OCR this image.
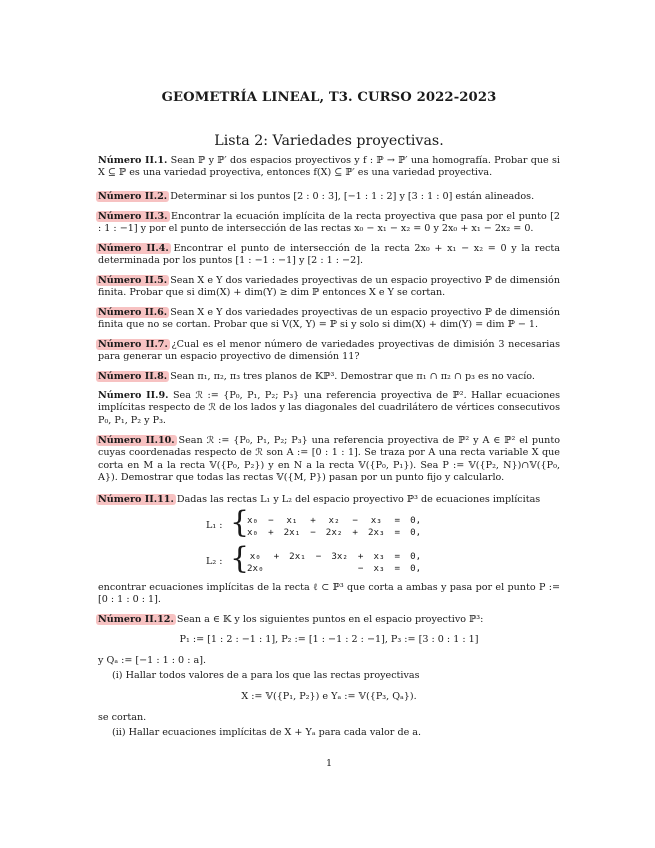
GEOMETRÍA LINEAL, T3. CURSO 2022-2023
Lista 2: Variedades proyectivas.
Número II.1. Sean ℙ y ℙ′ dos espacios proyectivos y f : ℙ → ℙ′ una homografía. Probar que si X ⊆ ℙ es una variedad proyectiva, entonces f(X) ⊆ ℙ′ es una variedad proyectiva.
Número II.2. Determinar si los puntos [2 : 0 : 3], [−1 : 1 : 2] y [3 : 1 : 0] están alineados.
Número II.3. Encontrar la ecuación implícita de la recta proyectiva que pasa por el punto [2 : 1 : −1] y por el punto de intersección de las rectas x₀ − x₁ − x₂ = 0 y 2x₀ + x₁ − 2x₂ = 0.
Número II.4. Encontrar el punto de intersección de la recta 2x₀ + x₁ − x₂ = 0 y la recta determinada por los puntos [1 : −1 : −1] y [2 : 1 : −2].
Número II.5. Sean X e Y dos variedades proyectivas de un espacio proyectivo ℙ de dimensión finita. Probar que si dim(X) + dim(Y) ≥ dim ℙ entonces X e Y se cortan.
Número II.6. Sean X e Y dos variedades proyectivas de un espacio proyectivo ℙ de dimensión finita que no se cortan. Probar que si V(X, Y) = ℙ si y solo si dim(X) + dim(Y) = dim ℙ − 1.
Número II.7. ¿Cual es el menor número de variedades proyectivas de dimisión 3 necesarias para generar un espacio proyectivo de dimensión 11?
Número II.8. Sean π₁, π₂, π₃ tres planos de 𝕂ℙ³. Demostrar que π₁ ∩ π₂ ∩ p₃ es no vacío.
Número II.9. Sea ℛ := {P₀, P₁, P₂; P₃} una referencia proyectiva de ℙ². Hallar ecuaciones implícitas respecto de ℛ de los lados y las diagonales del cuadrilátero de vértices consecutivos P₀, P₁, P₂ y P₃.
Número II.10. Sean ℛ := {P₀, P₁, P₂; P₃} una referencia proyectiva de ℙ² y A ∈ ℙ² el punto cuyas coordenadas respecto de ℛ son A := [0 : 1 : 1]. Se traza por A una recta variable X que corta en M a la recta 𝕍({P₀, P₂}) y en N a la recta 𝕍({P₀, P₁}). Sea P := 𝕍({P₂, N})∩𝕍({P₀, A}). Demostrar que todas las rectas 𝕍({M, P}) pasan por un punto fijo y calcularlo.
Número II.11. Dadas las rectas L₁ y L₂ del espacio proyectivo ℙ³ de ecuaciones implícitas
L₁ : {
x₀	−	x₁	+	x₂	−	x₃	=	0,
x₀	+	2x₁	−	2x₂	+	2x₃	=	0,
L₂ : { x₀	+	2x₁	−	3x₂	+	x₃	=	0,
2x₀					−	x₃	=	0,
encontrar ecuaciones implícitas de la recta ℓ ⊂ ℙ³ que corta a ambas y pasa por el punto P := [0 : 1 : 0 : 1].
Número II.12. Sean a ∈ 𝕂 y los siguientes puntos en el espacio proyectivo ℙ³:
P₁ := [1 : 2 : −1 : 1], P₂ := [1 : −1 : 2 : −1], P₃ := [3 : 0 : 1 : 1]
y Qₐ := [−1 : 1 : 0 : a].
(i) Hallar todos valores de a para los que las rectas proyectivas
X := 𝕍({P₁, P₂}) e Yₐ := 𝕍({P₃, Qₐ}).
se cortan.
(ii) Hallar ecuaciones implícitas de X + Yₐ para cada valor de a.
1
